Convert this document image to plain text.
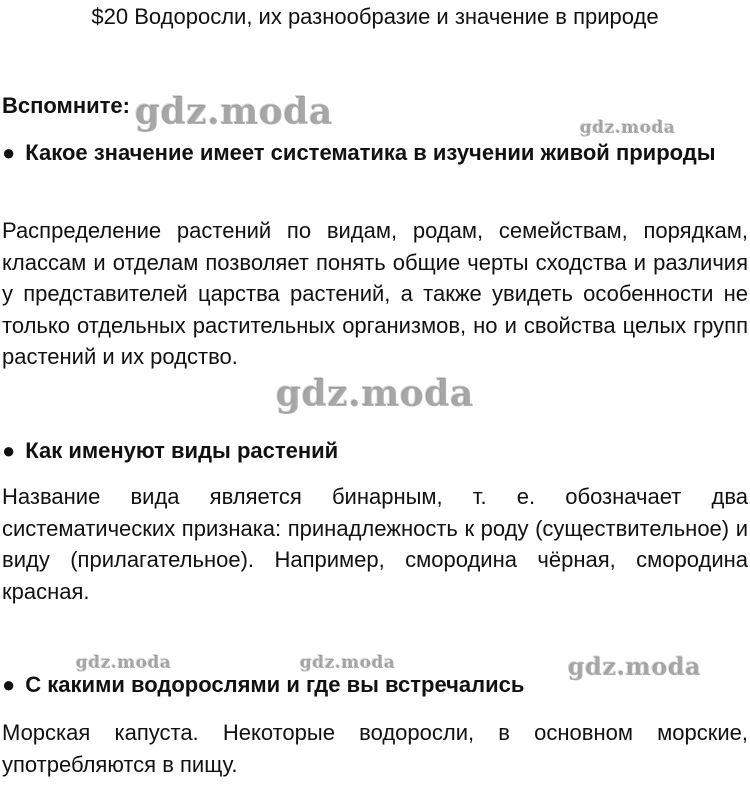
$20 Водоросли, их разнообразие и значение в природе
Вспомните:
● Какое значение имеет систематика в изучении живой природы
Распределение растений по видам, родам, семействам, порядкам, классам и отделам позволяет понять общие черты сходства и различия у представителей царства растений, а также увидеть особенности не только отдельных растительных организмов, но и свойства целых групп растений и их родство.
● Как именуют виды растений
Название вида является бинарным, т. е. обозначает два систематических признака: принадлежность к роду (существительное) и виду (прилагательное). Например, смородина чёрная, смородина красная.
● С какими водорослями и где вы встречались
Морская капуста. Некоторые водоросли, в основном морские, употребляются в пищу.
gdz.moda	gdz.moda
gdz.moda
gdz.moda	gdz.moda	gdz.moda
